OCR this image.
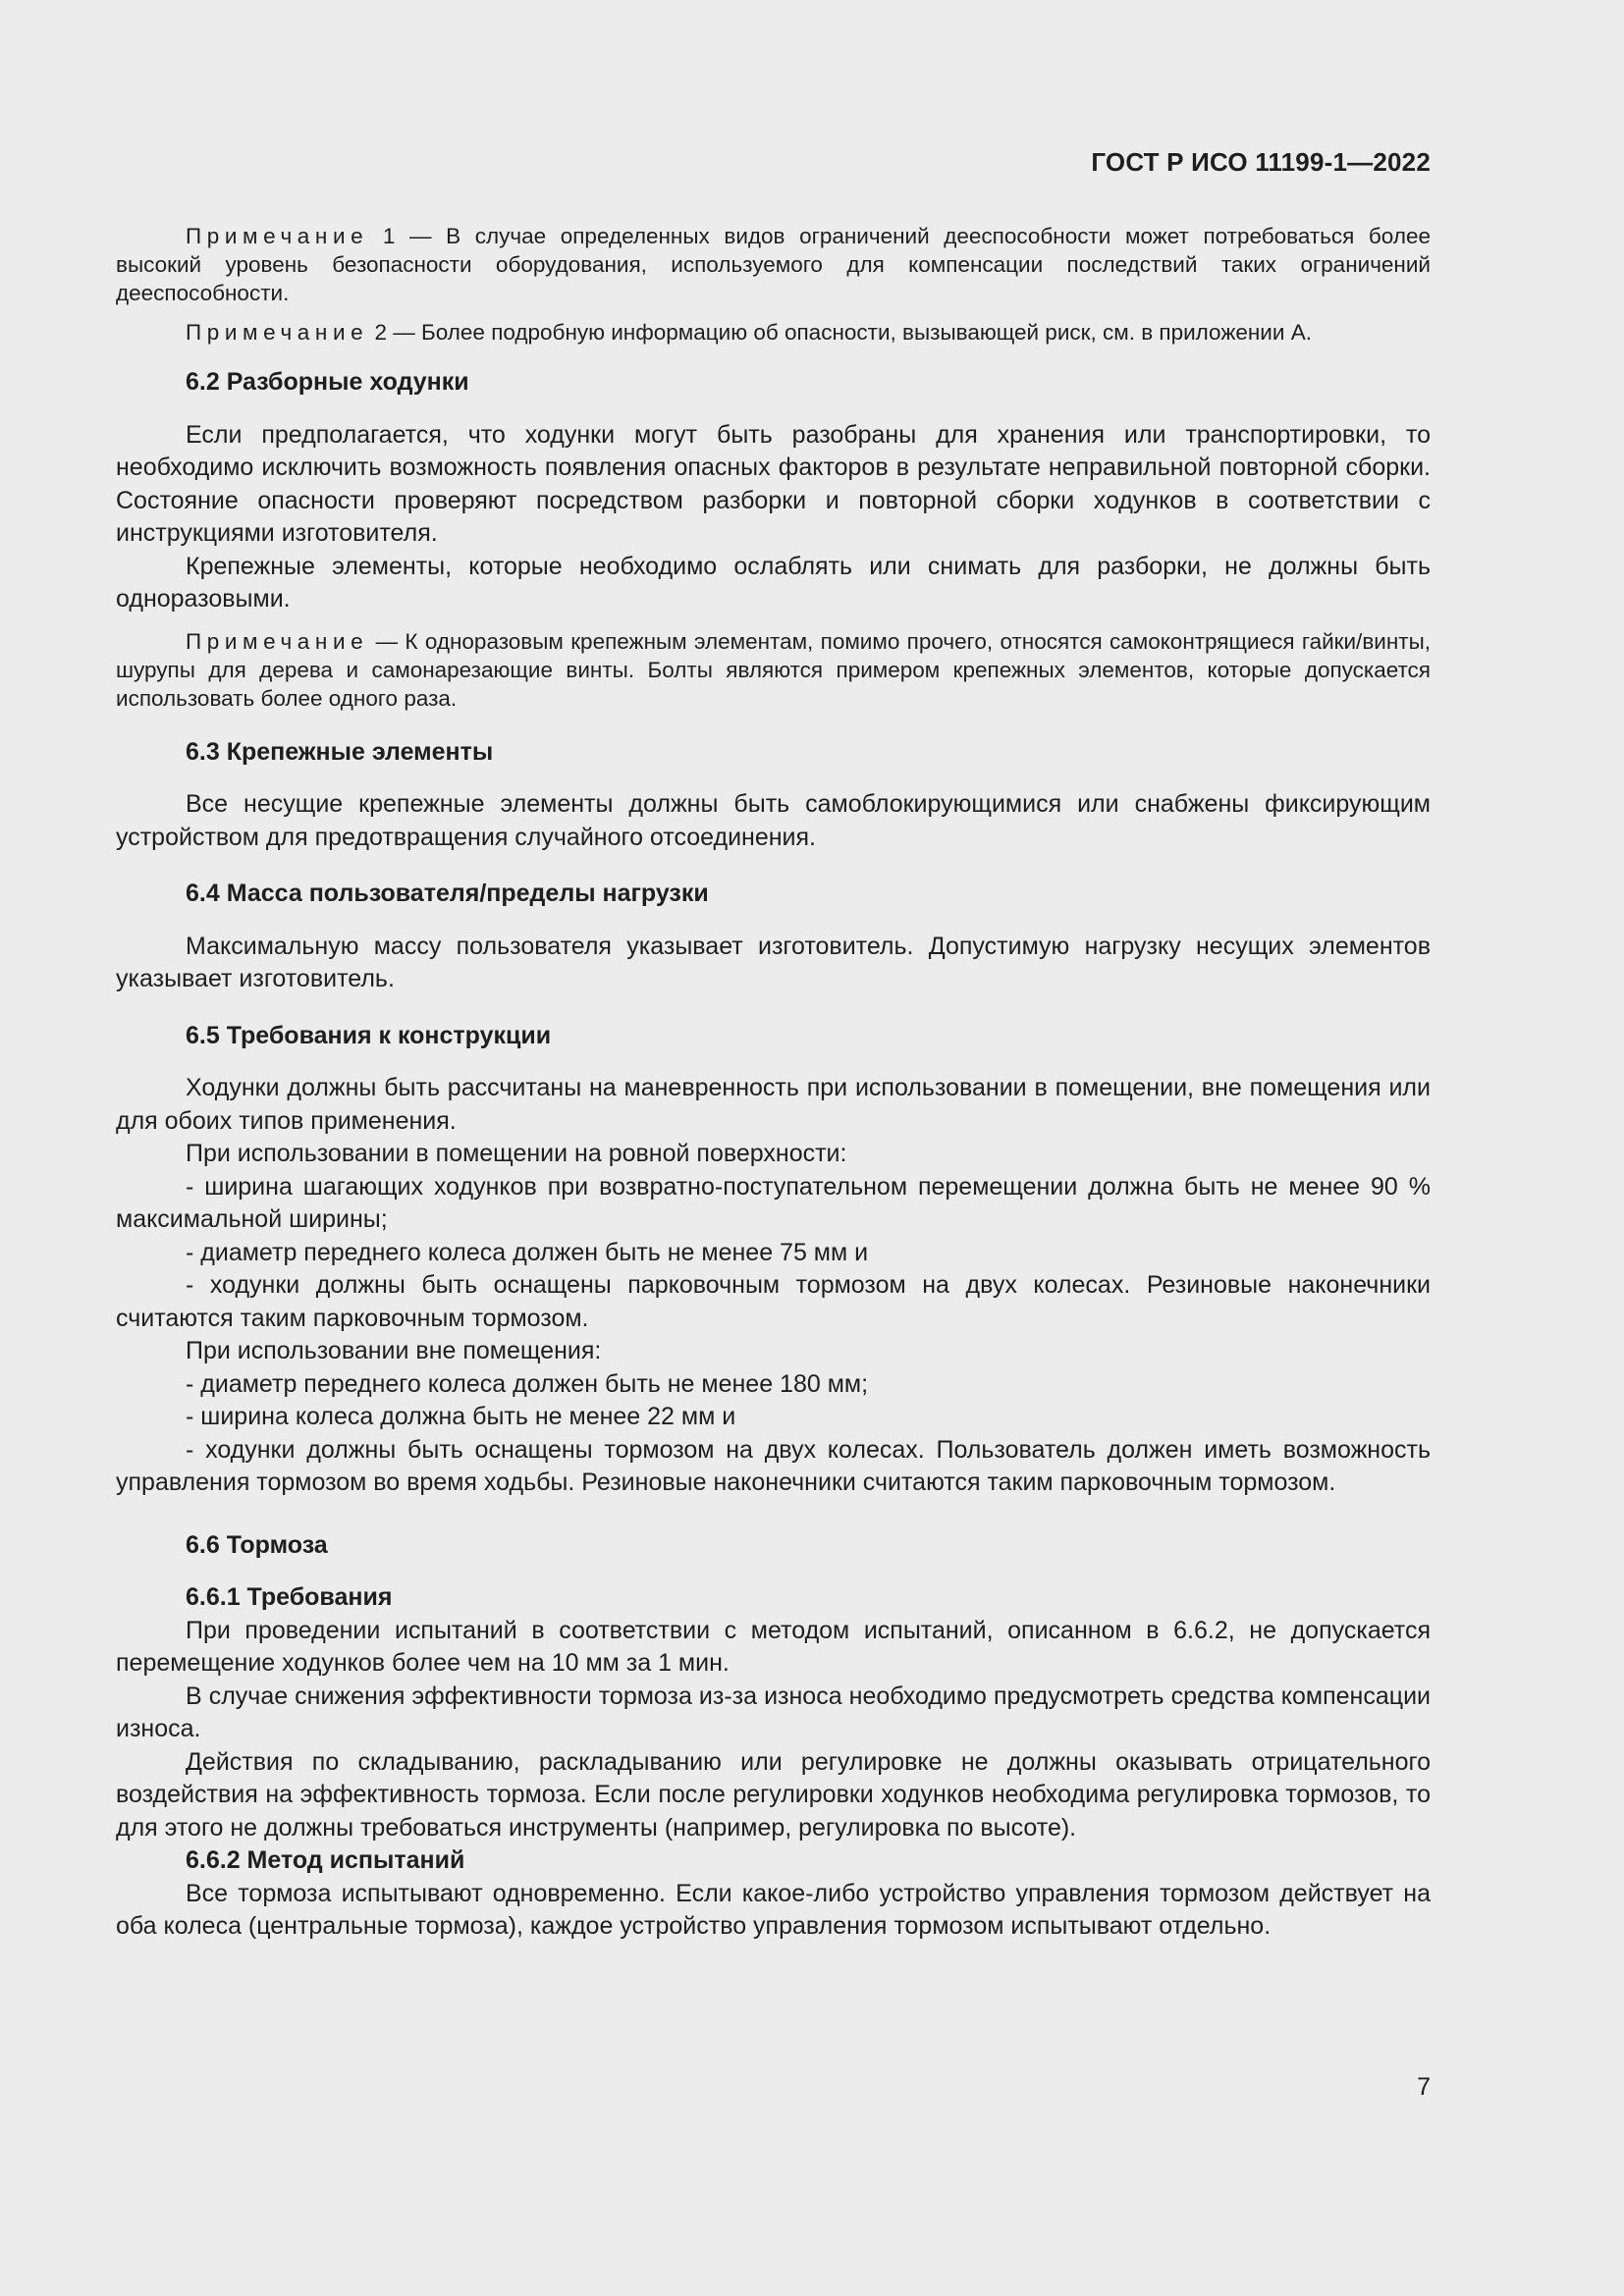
ГОСТ Р ИСО 11199-1—2022

Примечание 1 — В случае определенных видов ограничений дееспособности может потребоваться более высокий уровень безопасности оборудования, используемого для компенсации последствий таких ограничений дееспособности.

Примечание 2 — Более подробную информацию об опасности, вызывающей риск, см. в приложении А.

6.2 Разборные ходунки

Если предполагается, что ходунки могут быть разобраны для хранения или транспортировки, то необходимо исключить возможность появления опасных факторов в результате неправильной повторной сборки. Состояние опасности проверяют посредством разборки и повторной сборки ходунков в соответствии с инструкциями изготовителя.

Крепежные элементы, которые необходимо ослаблять или снимать для разборки, не должны быть одноразовыми.

Примечание — К одноразовым крепежным элементам, помимо прочего, относятся самоконтрящиеся гайки/винты, шурупы для дерева и самонарезающие винты. Болты являются примером крепежных элементов, которые допускается использовать более одного раза.

6.3 Крепежные элементы

Все несущие крепежные элементы должны быть самоблокирующимися или снабжены фиксирующим устройством для предотвращения случайного отсоединения.

6.4 Масса пользователя/пределы нагрузки

Максимальную массу пользователя указывает изготовитель. Допустимую нагрузку несущих элементов указывает изготовитель.

6.5 Требования к конструкции

Ходунки должны быть рассчитаны на маневренность при использовании в помещении, вне помещения или для обоих типов применения.

При использовании в помещении на ровной поверхности:

- ширина шагающих ходунков при возвратно-поступательном перемещении должна быть не менее 90 % максимальной ширины;

- диаметр переднего колеса должен быть не менее 75 мм и

- ходунки должны быть оснащены парковочным тормозом на двух колесах. Резиновые наконечники считаются таким парковочным тормозом.

При использовании вне помещения:

- диаметр переднего колеса должен быть не менее 180 мм;

- ширина колеса должна быть не менее 22 мм и

- ходунки должны быть оснащены тормозом на двух колесах. Пользователь должен иметь возможность управления тормозом во время ходьбы. Резиновые наконечники считаются таким парковочным тормозом.

6.6 Тормоза

6.6.1 Требования

При проведении испытаний в соответствии с методом испытаний, описанном в 6.6.2, не допускается перемещение ходунков более чем на 10 мм за 1 мин.

В случае снижения эффективности тормоза из-за износа необходимо предусмотреть средства компенсации износа.

Действия по складыванию, раскладыванию или регулировке не должны оказывать отрицательного воздействия на эффективность тормоза. Если после регулировки ходунков необходима регулировка тормозов, то для этого не должны требоваться инструменты (например, регулировка по высоте).

6.6.2 Метод испытаний

Все тормоза испытывают одновременно. Если какое-либо устройство управления тормозом действует на оба колеса (центральные тормоза), каждое устройство управления тормозом испытывают отдельно.

7
